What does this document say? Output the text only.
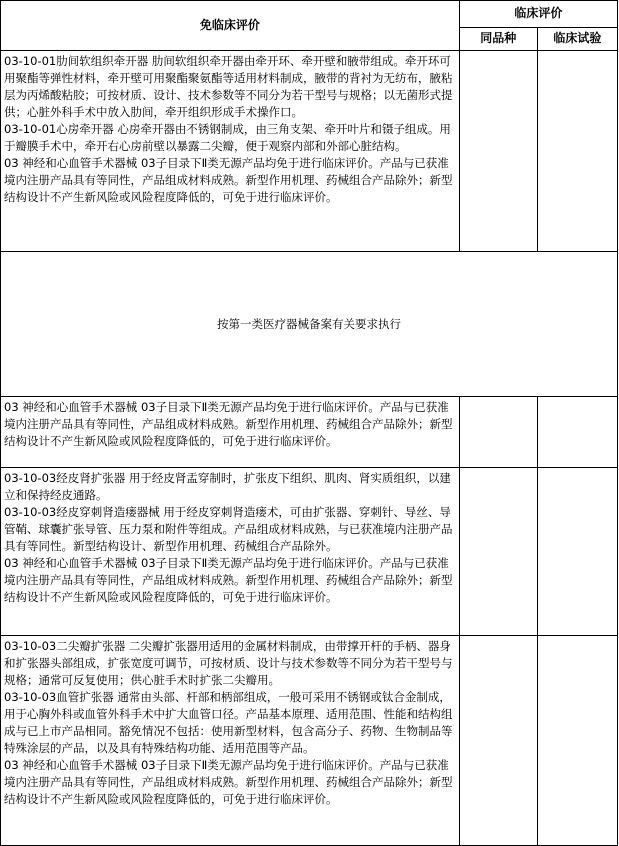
免临床评价	临床评价	
	同品种	临床试验

03-10-01肋间软组织牵开器 肋间软组织牵开器由牵开环、牵开壁和腋带组成。牵开环可用聚酯等弹性材料，牵开壁可用聚酯聚氨酯等适用材料制成，腋带的背衬为无纺布，腋粘层为丙烯酸粘胶；可按材质、设计、技术参数等不同分为若干型号与规格；以无菌形式提供；心脏外科手术中放入肋间，牵开组织形成手术操作口。

03-10-01心房牵开器 心房牵开器由不锈钢制成，由三角支架、牵开叶片和镊子组成。用于瓣膜手术中，牵开右心房前壁以暴露二尖瓣，便于观察内部和外部心脏结构。

03 神经和心血管手术器械 03子目录下Ⅱ类无源产品均免于进行临床评价。产品与已获准境内注册产品具有等同性，产品组成材料成熟。新型作用机理、药械组合产品除外；新型结构设计不产生新风险或风险程度降低的，可免于进行临床评价。		

按第一类医疗器械备案有关要求执行		

03 神经和心血管手术器械 03子目录下Ⅱ类无源产品均免于进行临床评价。产品与已获准境内注册产品具有等同性，产品组成材料成熟。新型作用机理、药械组合产品除外；新型结构设计不产生新风险或风险程度降低的，可免于进行临床评价。		

03-10-03经皮肾扩张器 用于经皮肾盂穿制时，扩张皮下组织、肌肉、肾实质组织，以建立和保持经皮通路。

03-10-03经皮穿刺肾造瘘器械 用于经皮穿刺肾造瘘术，可由扩张器、穿刺针、导丝、导管鞘、球囊扩张导管、压力泵和附件等组成。产品组成材料成熟，与已获准境内注册产品具有等同性。新型结构设计、新型作用机理、药械组合产品除外。

03 神经和心血管手术器械 03子目录下Ⅱ类无源产品均免于进行临床评价。产品与已获准境内注册产品具有等同性，产品组成材料成熟。新型作用机理、药械组合产品除外；新型结构设计不产生新风险或风险程度降低的，可免于进行临床评价。		

03-10-03二尖瓣扩张器 二尖瓣扩张器用适用的金属材料制成，由带撑开杆的手柄、器身和扩张器头部组成，扩张宽度可调节，可按材质、设计与技术参数等不同分为若干型号与规格；通常可反复使用；供心脏手术时扩张二尖瓣用。

03-10-03血管扩张器 通常由头部、杆部和柄部组成，一般可采用不锈钢或钛合金制成，用于心胸外科或血管外科手术中扩大血管口径。产品基本原理、适用范围、性能和结构组成与已上市产品相同。豁免情况不包括：使用新型材料，包含高分子、药物、生物制品等特殊涂层的产品，以及具有特殊结构功能、适用范围等产品。

03 神经和心血管手术器械 03子目录下Ⅱ类无源产品均免于进行临床评价。产品与已获准境内注册产品具有等同性，产品组成材料成熟。新型作用机理、药械组合产品除外；新型结构设计不产生新风险或风险程度降低的，可免于进行临床评价。		
